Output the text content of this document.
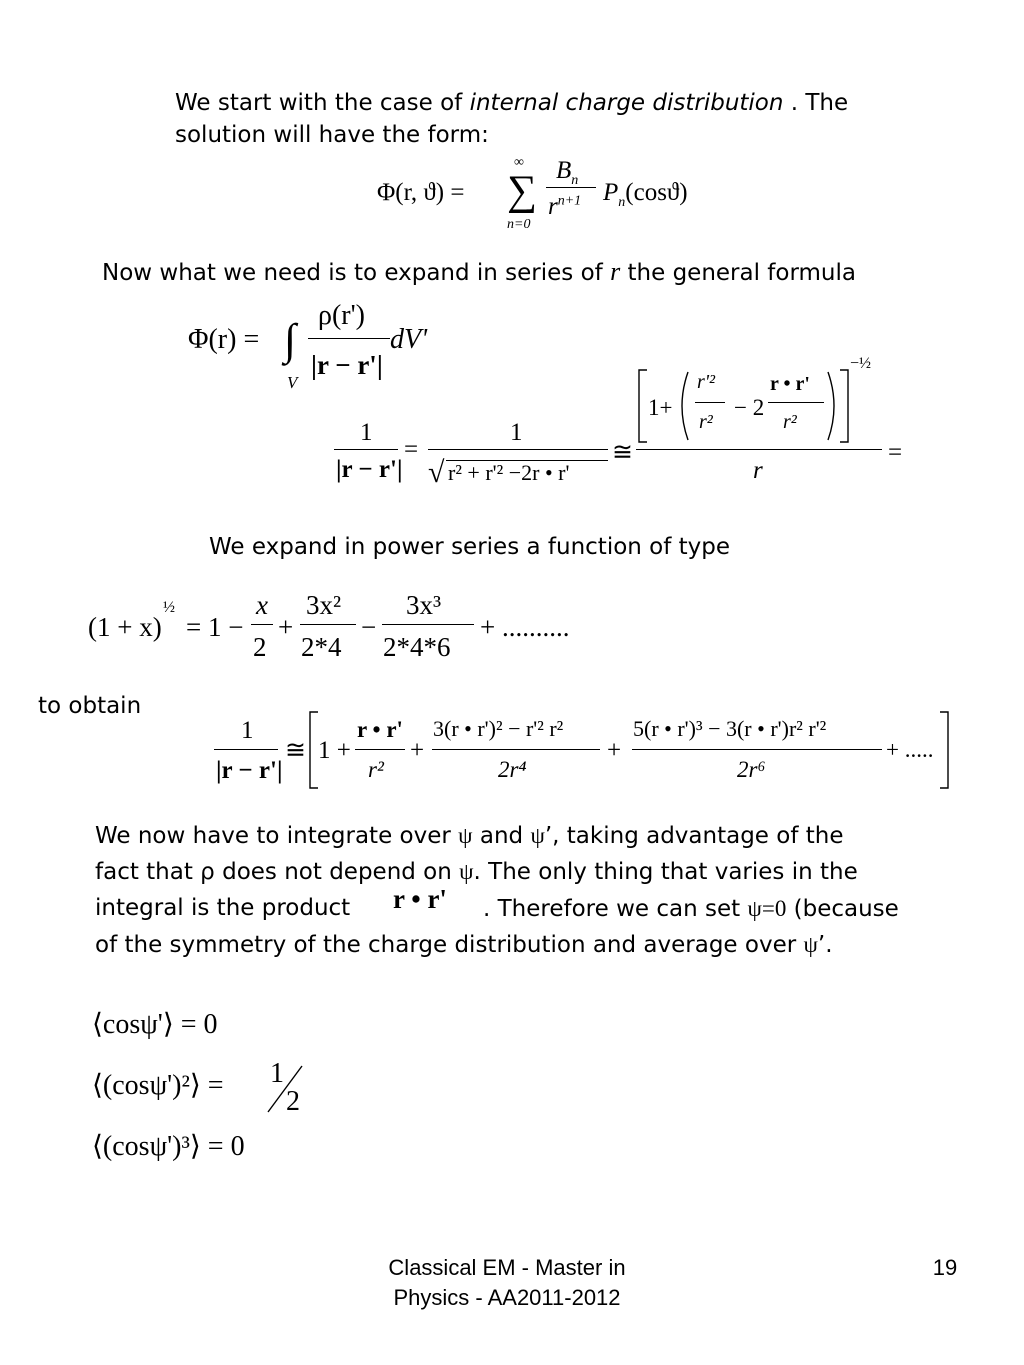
We start with the case of internal charge distribution . The
solution will have the form:
Φ(r, ϑ) =
∞
∑
n=0
$B_n$
$r^{n+1}$ $P_n(\cos ϑ)$
Now what we need is to expand in series of r the general formula
Φ(r) = ∫
V
ρ(r')
|r − r'|
dV'
1
|r − r'|
=
1
√ r² + r'² −2r • r'
≅
1+
r'²
r²
− 2
r • r'
r²
−½
r
=
We expand in power series a function of type
(1 + x)
½
= 1 −
x
2
+
3x²
2*4
−
3x³
2*4*6
+ ..........
to obtain
1
|r − r'|
≅ 1 +
r • r'
r²
+
3(r • r')² − r'² r²
2r⁴
+
5(r • r')³ − 3(r • r')r² r'²
2r⁶
+ .....
We now have to integrate over ψ and ψ’, taking advantage of the
fact that ρ does not depend on ψ. The only thing that varies in the
integral is the product r • r' . Therefore we can set ψ=0 (because
of the symmetry of the charge distribution and average over ψ’.
⟨cosψ'⟩ = 0
⟨(cosψ')²⟩ = 1
2
⟨(cosψ')³⟩ = 0
Classical EM - Master in
Physics - AA2011-2012
19
